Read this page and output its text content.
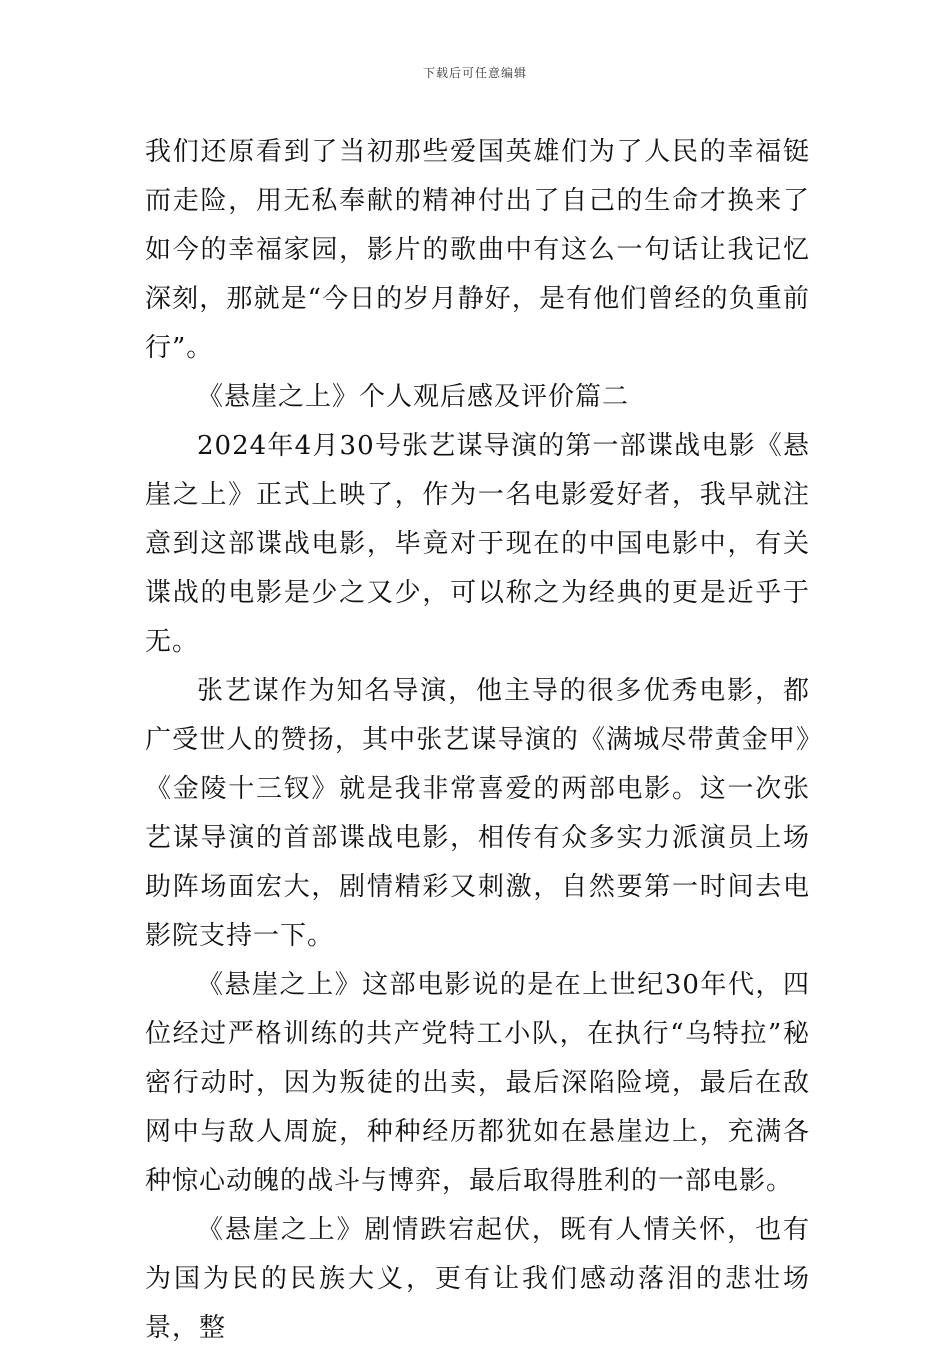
下载后可任意编辑

我们还原看到了当初那些爱国英雄们为了人民的幸福铤而走险，用无私奉献的精神付出了自己的生命才换来了如今的幸福家园，影片的歌曲中有这么一句话让我记忆深刻，那就是“今日的岁月静好，是有他们曾经的负重前行”。

《悬崖之上》个人观后感及评价篇二

2024年4月30号张艺谋导演的第一部谍战电影《悬崖之上》正式上映了，作为一名电影爱好者，我早就注意到这部谍战电影，毕竟对于现在的中国电影中，有关谍战的电影是少之又少，可以称之为经典的更是近乎于无。

张艺谋作为知名导演，他主导的很多优秀电影，都广受世人的赞扬，其中张艺谋导演的《满城尽带黄金甲》《金陵十三钗》就是我非常喜爱的两部电影。这一次张艺谋导演的首部谍战电影，相传有众多实力派演员上场助阵场面宏大，剧情精彩又刺激，自然要第一时间去电影院支持一下。

《悬崖之上》这部电影说的是在上世纪30年代，四位经过严格训练的共产党特工小队，在执行“乌特拉”秘密行动时，因为叛徒的出卖，最后深陷险境，最后在敌网中与敌人周旋，种种经历都犹如在悬崖边上，充满各种惊心动魄的战斗与博弈，最后取得胜利的一部电影。

《悬崖之上》剧情跌宕起伏，既有人情关怀，也有为国为民的民族大义，更有让我们感动落泪的悲壮场景，整
